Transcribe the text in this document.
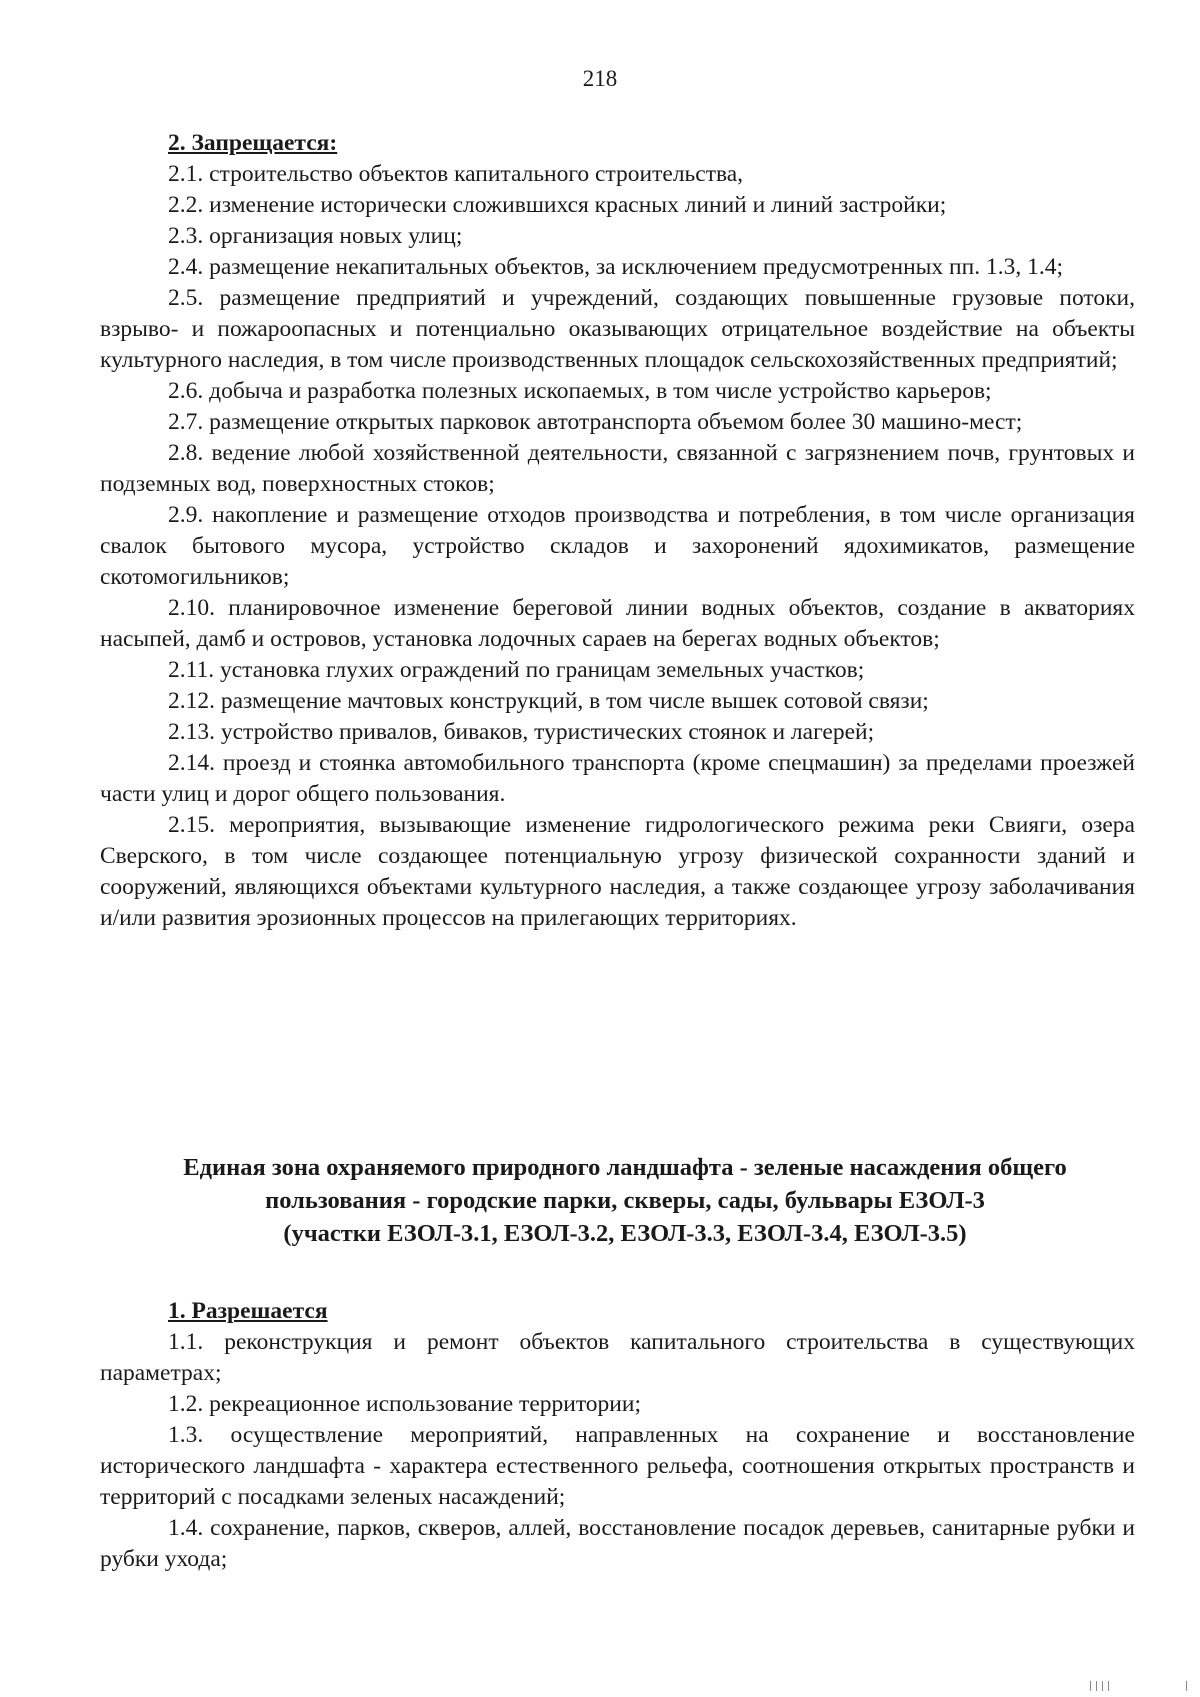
218

2. Запрещается:

2.1. строительство объектов капитального строительства,

2.2. изменение исторически сложившихся красных линий и линий застройки;

2.3. организация новых улиц;

2.4. размещение некапитальных объектов, за исключением предусмотренных пп. 1.3, 1.4;

2.5. размещение предприятий и учреждений, создающих повышенные грузовые потоки, взрыво- и пожароопасных и потенциально оказывающих отрицательное воздействие на объекты культурного наследия, в том числе производственных площадок сельскохозяйственных предприятий;

2.6. добыча и разработка полезных ископаемых, в том числе устройство карьеров;

2.7. размещение открытых парковок автотранспорта объемом более 30 машино-мест;

2.8. ведение любой хозяйственной деятельности, связанной с загрязнением почв, грунтовых и подземных вод, поверхностных стоков;

2.9. накопление и размещение отходов производства и потребления, в том числе организация свалок бытового мусора, устройство складов и захоронений ядохимикатов, размещение скотомогильников;

2.10. планировочное изменение береговой линии водных объектов, создание в акваториях насыпей, дамб и островов, установка лодочных сараев на берегах водных объектов;

2.11. установка глухих ограждений по границам земельных участков;

2.12. размещение мачтовых конструкций, в том числе вышек сотовой связи;

2.13. устройство привалов, биваков, туристических стоянок и лагерей;

2.14. проезд и стоянка автомобильного транспорта (кроме спецмашин) за пределами проезжей части улиц и дорог общего пользования.

2.15. мероприятия, вызывающие изменение гидрологического режима реки Свияги, озера Сверского, в том числе создающее потенциальную угрозу физической сохранности зданий и сооружений, являющихся объектами культурного наследия, а также создающее угрозу заболачивания и/или развития эрозионных процессов на прилегающих территориях.

Единая зона охраняемого природного ландшафта - зеленые насаждения общего
пользования - городские парки, скверы, сады, бульвары ЕЗОЛ-3
(участки ЕЗОЛ-3.1, ЕЗОЛ-3.2, ЕЗОЛ-3.3, ЕЗОЛ-3.4, ЕЗОЛ-3.5)

1. Разрешается

1.1. реконструкция и ремонт объектов капитального строительства в существующих параметрах;

1.2. рекреационное использование территории;

1.3. осуществление мероприятий, направленных на сохранение и восстановление исторического ландшафта - характера естественного рельефа, соотношения открытых пространств и территорий с посадками зеленых насаждений;

1.4. сохранение, парков, скверов, аллей, восстановление посадок деревьев, санитарные рубки и рубки ухода;
